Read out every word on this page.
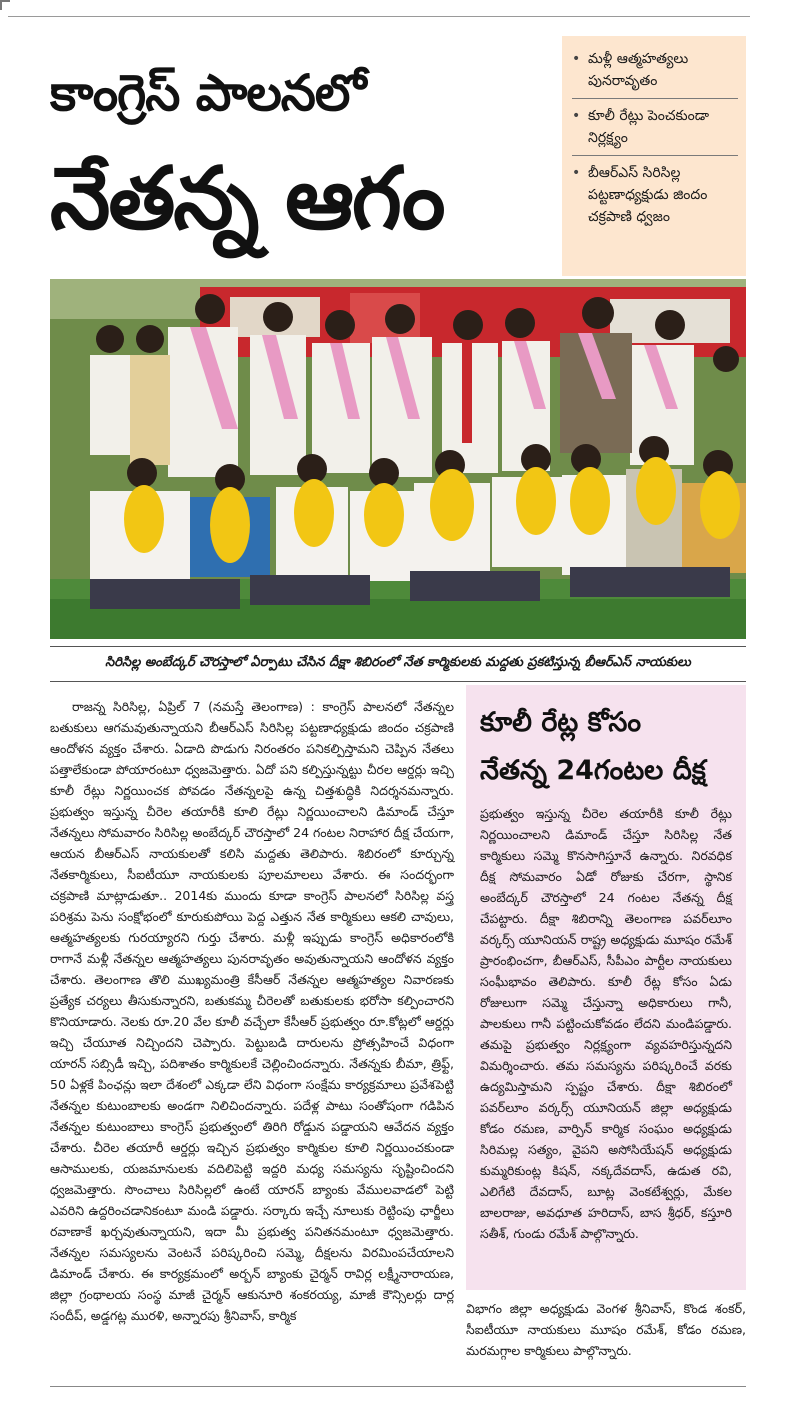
కాంగ్రెస్‌ పాలనలో
నేతన్న ఆగం
• మళ్లీ ఆత్మహత్యలు పునరావృతం
• కూలీ రేట్లు పెంచకుండా నిర్లక్ష్యం
• బీఆర్‌ఎస్‌ సిరిసిల్ల పట్టణాధ్యక్షుడు జిందం చక్రపాణి ధ్వజం
సిరిసిల్ల అంబేద్కర్‌ చౌరస్తాలో ఏర్పాటు చేసిన దీక్షా శిబిరంలో నేత కార్మికులకు మద్దతు ప్రకటిస్తున్న బీఆర్‌ఎస్‌ నాయకులు

రాజన్న సిరిసిల్ల, ఏప్రిల్‌ 7 (నమస్తే తెలంగాణ) : కాంగ్రెస్‌ పాలనలో నేతన్నల బతుకులు ఆగమవుతున్నాయని బీఆర్‌ఎస్‌ సిరిసిల్ల పట్టణాధ్యక్షుడు జిందం చక్రపాణి ఆందోళన వ్యక్తం చేశారు. ఏడాది పొడుగు నిరంతరం పనికల్పిస్తామని చెప్పిన నేతలు పత్తాలేకుండా పోయారంటూ ధ్వజమెత్తారు. ఏదో పని కల్పిస్తున్నట్టు చీరల ఆర్డర్లు ఇచ్చి కూలీ రేట్లు నిర్ణయించక పోవడం నేతన్నలపై ఉన్న చిత్తశుద్ధికి నిదర్శనమన్నారు. ప్రభుత్వం ఇస్తున్న చీరెల తయారీకి కూలి రేట్లు నిర్ణయించాలని డిమాండ్‌ చేస్తూ నేతన్నలు సోమవారం సిరిసిల్ల అంబేద్కర్‌ చౌరస్తాలో 24 గంటల నిరాహార దీక్ష చేయగా, ఆయన బీఆర్‌ఎస్‌ నాయకులతో కలిసి మద్దతు తెలిపారు. శిబిరంలో కూర్చున్న నేతకార్మికులు, సీఐటీయూ నాయకులకు పూలమాలలు వేశారు. ఈ సందర్భంగా చక్రపాణి మాట్లాడుతూ.. 2014కు ముందు కూడా కాంగ్రెస్‌ పాలనలో సిరిసిల్ల వస్త్ర పరిశ్రమ పెను సంక్షోభంలో కూరుకుపోయి పెద్ద ఎత్తున నేత కార్మికులు ఆకలి చావులు, ఆత్మహత్యలకు గురయ్యారని గుర్తు చేశారు. మళ్లీ ఇప్పుడు కాంగ్రెస్‌ అధికారంలోకి రాగానే మళ్లీ నేతన్నల ఆత్మహత్యలు పునరావృతం అవుతున్నాయని ఆందోళన వ్యక్తం చేశారు. తెలంగాణ తొలి ముఖ్యమంత్రి కేసీఆర్‌ నేతన్నల ఆత్మహత్యల నివారణకు ప్రత్యేక చర్యలు తీసుకున్నారని, బతుకమ్మ చీరెలతో బతుకులకు భరోసా కల్పించారని కొనియాడారు. నెలకు రూ.20 వేల కూలీ వచ్చేలా కేసీఆర్‌ ప్రభుత్వం రూ.కోట్లలో ఆర్డర్లు ఇచ్చి చేయూత నిచ్చిందని చెప్పారు. పెట్టుబడి దారులను ప్రోత్సహించే విధంగా యారన్‌ సబ్సిడీ ఇచ్చి, పదిశాతం కార్మికులకే చెల్లించిందన్నారు. నేతన్నకు బీమా, త్రిఫ్ట్‌, 50 ఏళ్లకే పింఛన్లు ఇలా దేశంలో ఎక్కడా లేని విధంగా సంక్షేమ కార్యక్రమాలు ప్రవేశపెట్టి నేతన్నల కుటుంబాలకు అండగా నిలిచిందన్నారు. పదేళ్ల పాటు సంతోషంగా గడిపిన నేతన్నల కుటుంబాలు కాంగ్రెస్‌ ప్రభుత్వంలో తిరిగి రోడ్డున పడ్డాయని ఆవేదన వ్యక్తం చేశారు. చీరెల తయారీ ఆర్డర్లు ఇచ్చిన ప్రభుత్వం కార్మికుల కూలి నిర్ణయించకుండా ఆసాములకు, యజమానులకు వదిలిపెట్టి ఇద్దరి మధ్య సమస్యను సృష్టించిందని ధ్వజమెత్తారు. సొంచాలు సిరిసిల్లలో ఉంటే యారన్‌ బ్యాంకు వేములవాడలో పెట్టి ఎవరిని ఉద్దరించడానికంటూ మండి పడ్డారు. సర్కారు ఇచ్చే నూలుకు రెట్టింపు ఛార్జీలు రవాణాకే ఖర్చవుతున్నాయని, ఇదా మీ ప్రభుత్వ పనితనమంటూ ధ్వజమెత్తారు. నేతన్నల సమస్యలను వెంటనే పరిష్కరించి సమ్మె, దీక్షలను విరమింపచేయాలని డిమాండ్‌ చేశారు. ఈ కార్యక్రమంలో అర్బన్‌ బ్యాంకు చైర్మన్‌ రావిర్ల లక్ష్మీనారాయణ, జిల్లా గ్రంథాలయ సంస్థ మాజీ చైర్మన్‌ ఆకునూరి శంకరయ్య, మాజీ కౌన్సిలర్లు దార్ల సందీప్‌, అడ్డగట్ల మురళి, అన్నారపు శ్రీనివాస్‌, కార్మిక

కూలీ రేట్ల కోసం
నేతన్న 24గంటల దీక్ష
ప్రభుత్వం ఇస్తున్న చీరెల తయారీకి కూలీ రేట్లు నిర్ణయించాలని డిమాండ్‌ చేస్తూ సిరిసిల్ల నేత కార్మికులు సమ్మె కొనసాగిస్తూనే ఉన్నారు. నిరవధిక దీక్ష సోమవారం ఏడో రోజుకు చేరగా, స్థానిక అంబేద్కర్‌ చౌరస్తాలో 24 గంటల నేతన్న దీక్ష చేపట్టారు. దీక్షా శిబిరాన్ని తెలంగాణ పవర్‌లూం వర్కర్స్‌ యూనియన్‌ రాష్ట్ర అధ్యక్షుడు మూషం రమేశ్‌ ప్రారంభించగా, బీఆర్‌ఎస్‌, సీపీఎం పార్టీల నాయకులు సంఘీభావం తెలిపారు. కూలీ రేట్ల కోసం ఏడు రోజులుగా సమ్మె చేస్తున్నా అధికారులు గానీ, పాలకులు గానీ పట్టించుకోవడం లేదని మండిపడ్డారు. తమపై ప్రభుత్వం నిర్లక్ష్యంగా వ్యవహరిస్తున్నదని విమర్శించారు. తమ సమస్యను పరిష్కరించే వరకు ఉద్యమిస్తామని స్పష్టం చేశారు. దీక్షా శిబిరంలో పవర్‌లూం వర్కర్స్‌ యూనియన్‌ జిల్లా అధ్యక్షుడు కోడం రమణ, వార్పిన్‌ కార్మిక సంఘం అధ్యక్షుడు సిరిమల్ల సత్యం, వైపని అసోసియేషన్‌ అధ్యక్షుడు కుమ్మరికుంట్ల కిషన్‌, నక్కదేవదాస్‌, ఉడుత రవి, ఎలిగేటి దేవదాస్‌, బూట్ల వెంకటేశ్వర్లు, మేకల బాలరాజు, అవధూత హరిదాస్‌, బాస శ్రీధర్‌, కస్తూరి సతీశ్‌, గుండు రమేశ్‌ పాల్గొన్నారు.
విభాగం జిల్లా అధ్యక్షుడు వెంగళ శ్రీనివాస్‌, కొండ శంకర్‌, సీఐటీయూ నాయకులు మూషం రమేశ్‌, కోడం రమణ, మరమగ్గాల కార్మికులు పాల్గొన్నారు.
